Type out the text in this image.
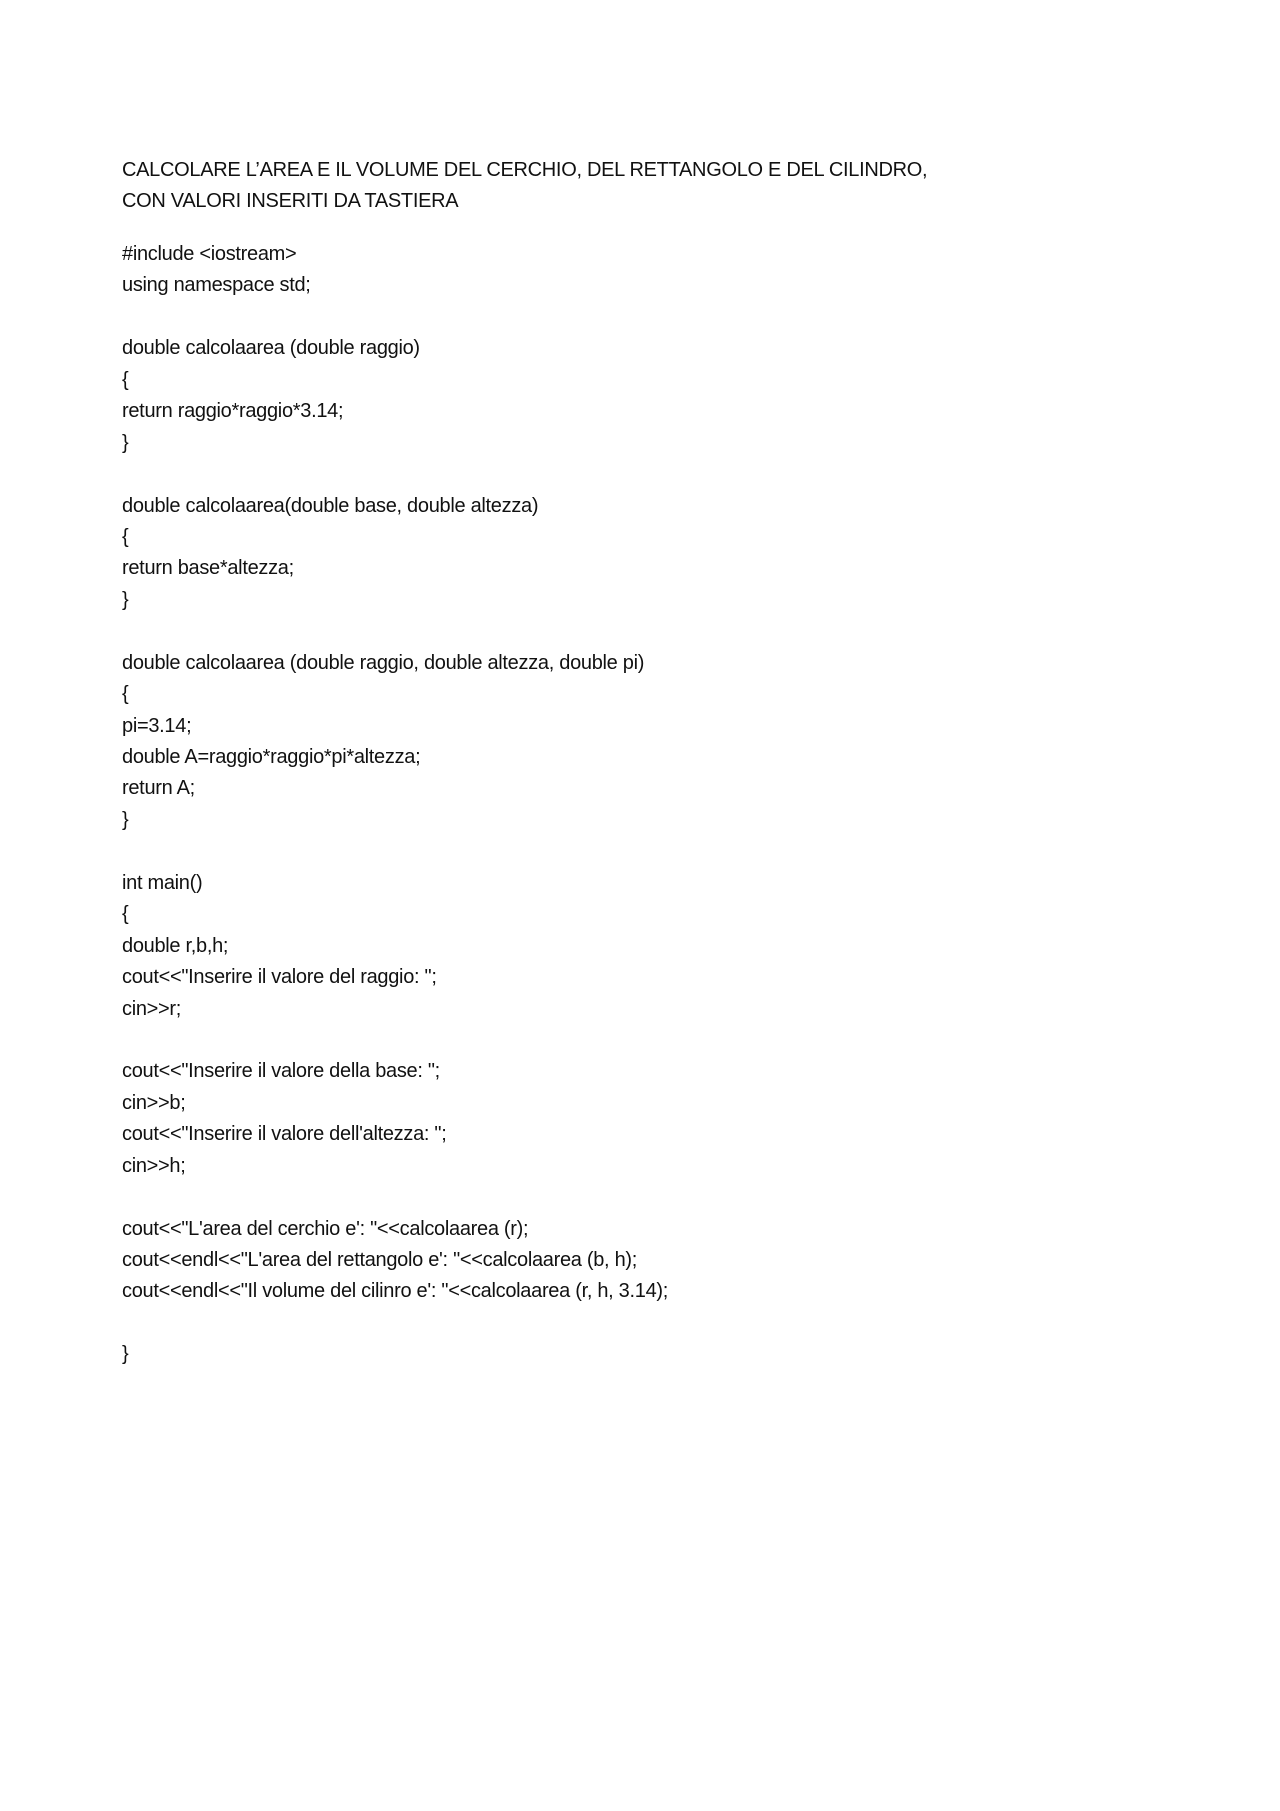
CALCOLARE L’AREA E IL VOLUME DEL CERCHIO, DEL RETTANGOLO E DEL CILINDRO,
CON VALORI INSERITI DA TASTIERA
#include <iostream>
using namespace std;
double calcolaarea (double raggio)
{
return raggio*raggio*3.14;
}
double calcolaarea(double base, double altezza)
{
return base*altezza;
}
double calcolaarea (double raggio, double altezza, double pi)
{
pi=3.14;
double A=raggio*raggio*pi*altezza;
return A;
}
int main()
{
double r,b,h;
cout<<"Inserire il valore del raggio: ";
cin>>r;
cout<<"Inserire il valore della base: ";
cin>>b;
cout<<"Inserire il valore dell'altezza: ";
cin>>h;
cout<<"L'area del cerchio e': "<<calcolaarea (r);
cout<<endl<<"L'area del rettangolo e': "<<calcolaarea (b, h);
cout<<endl<<"Il volume del cilinro e': "<<calcolaarea (r, h, 3.14);
}
